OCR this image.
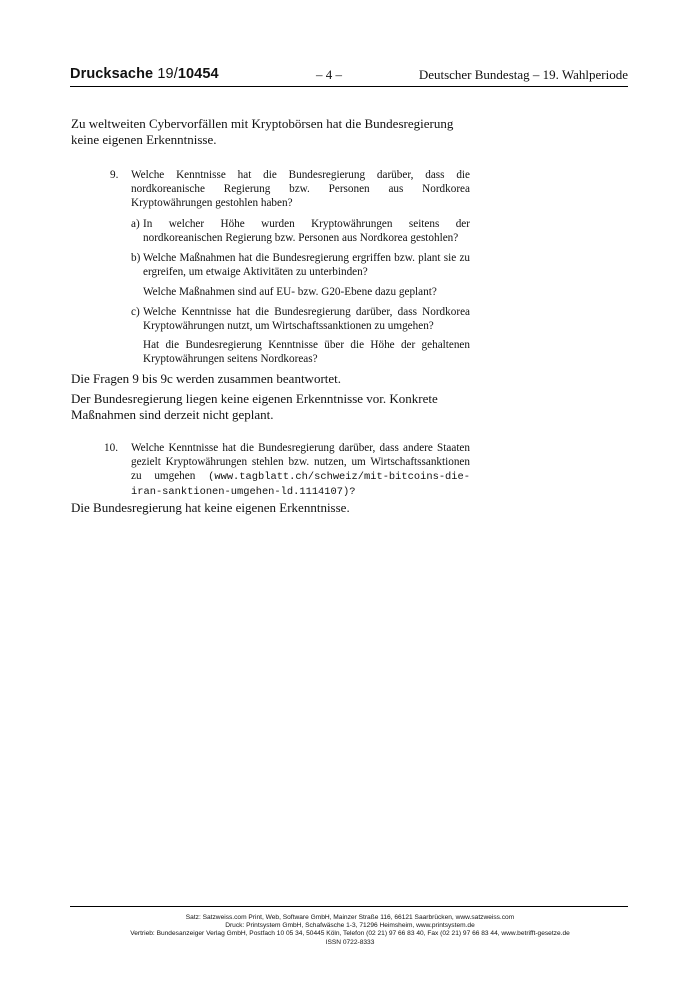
Drucksache 19/10454	– 4 –	Deutscher Bundestag – 19. Wahlperiode

Zu weltweiten Cybervorfällen mit Kryptobörsen hat die Bundesregierung keine eigenen Erkenntnisse.

9. Welche Kenntnisse hat die Bundesregierung darüber, dass die nordkoreanische Regierung bzw. Personen aus Nordkorea Kryptowährungen gestohlen haben?

a) In welcher Höhe wurden Kryptowährungen seitens der nordkoreanischen Regierung bzw. Personen aus Nordkorea gestohlen?

b) Welche Maßnahmen hat die Bundesregierung ergriffen bzw. plant sie zu ergreifen, um etwaige Aktivitäten zu unterbinden?

Welche Maßnahmen sind auf EU- bzw. G20-Ebene dazu geplant?

c) Welche Kenntnisse hat die Bundesregierung darüber, dass Nordkorea Kryptowährungen nutzt, um Wirtschaftssanktionen zu umgehen?

Hat die Bundesregierung Kenntnisse über die Höhe der gehaltenen Kryptowährungen seitens Nordkoreas?

Die Fragen 9 bis 9c werden zusammen beantwortet.

Der Bundesregierung liegen keine eigenen Erkenntnisse vor. Konkrete Maßnahmen sind derzeit nicht geplant.

10. Welche Kenntnisse hat die Bundesregierung darüber, dass andere Staaten gezielt Kryptowährungen stehlen bzw. nutzen, um Wirtschaftssanktionen zu umgehen (www.tagblatt.ch/schweiz/mit-bitcoins-die-iran-sanktionen-umgehen-ld.1114107)?

Die Bundesregierung hat keine eigenen Erkenntnisse.

Satz: Satzweiss.com Print, Web, Software GmbH, Mainzer Straße 116, 66121 Saarbrücken, www.satzweiss.com
Druck: Printsystem GmbH, Schafwäsche 1-3, 71296 Heimsheim, www.printsystem.de
Vertrieb: Bundesanzeiger Verlag GmbH, Postfach 10 05 34, 50445 Köln, Telefon (02 21) 97 66 83 40, Fax (02 21) 97 66 83 44, www.betrifft-gesetze.de
ISSN 0722-8333
